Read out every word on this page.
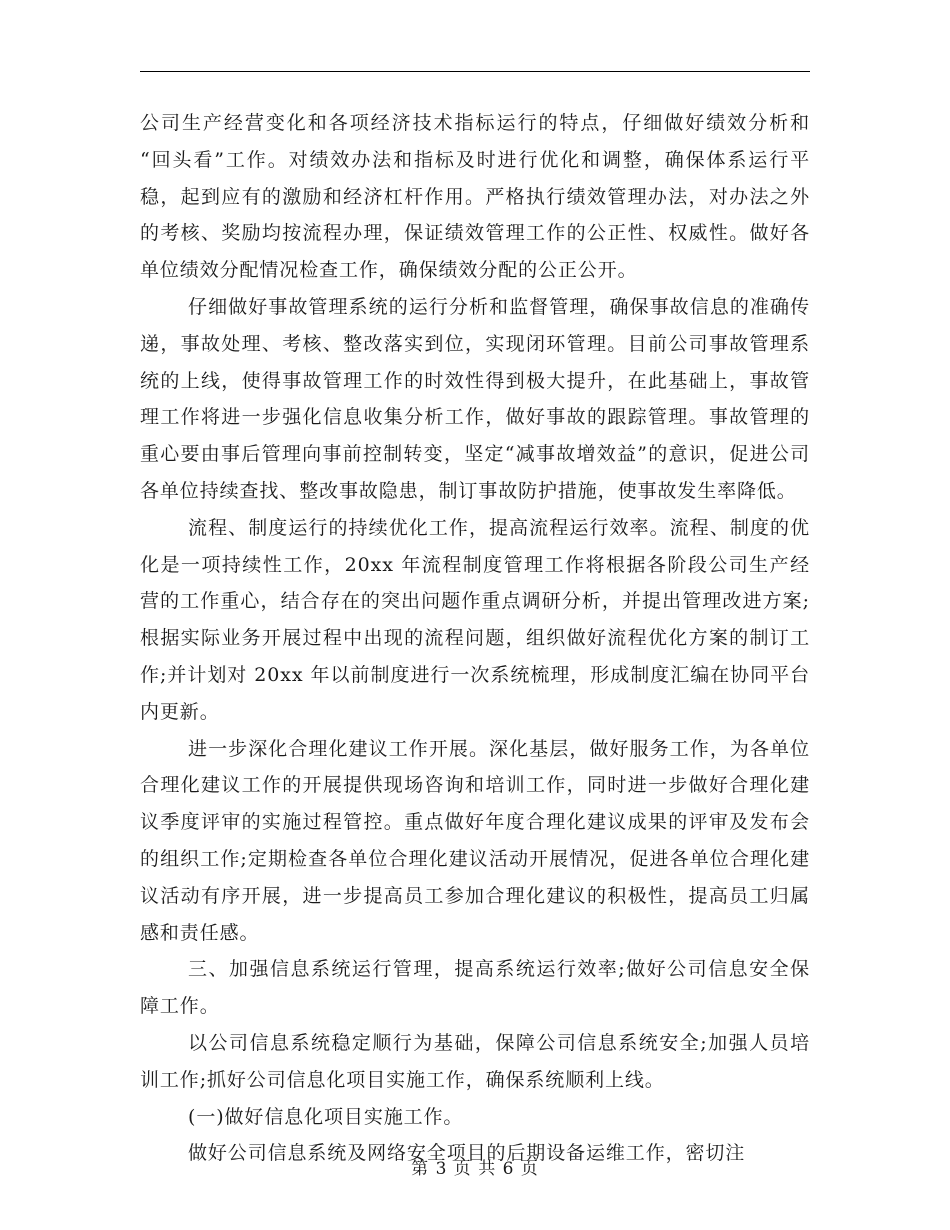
公司生产经营变化和各项经济技术指标运行的特点，仔细做好绩效分析和 “回头看”工作。对绩效办法和指标及时进行优化和调整，确保体系运行平稳，起到应有的激励和经济杠杆作用。严格执行绩效管理办法，对办法之外的考核、奖励均按流程办理，保证绩效管理工作的公正性、权威性。做好各单位绩效分配情况检查工作，确保绩效分配的公正公开。

仔细做好事故管理系统的运行分析和监督管理，确保事故信息的准确传递，事故处理、考核、整改落实到位，实现闭环管理。目前公司事故管理系统的上线，使得事故管理工作的时效性得到极大提升，在此基础上，事故管理工作将进一步强化信息收集分析工作，做好事故的跟踪管理。事故管理的重心要由事后管理向事前控制转变，坚定“减事故增效益”的意识，促进公司各单位持续查找、整改事故隐患，制订事故防护措施，使事故发生率降低。

流程、制度运行的持续优化工作，提高流程运行效率。流程、制度的优化是一项持续性工作，20xx 年流程制度管理工作将根据各阶段公司生产经营的工作重心，结合存在的突出问题作重点调研分析，并提出管理改进方案;根据实际业务开展过程中出现的流程问题，组织做好流程优化方案的制订工作;并计划对 20xx 年以前制度进行一次系统梳理，形成制度汇编在协同平台内更新。

进一步深化合理化建议工作开展。深化基层，做好服务工作，为各单位合理化建议工作的开展提供现场咨询和培训工作，同时进一步做好合理化建议季度评审的实施过程管控。重点做好年度合理化建议成果的评审及发布会的组织工作;定期检查各单位合理化建议活动开展情况，促进各单位合理化建议活动有序开展，进一步提高员工参加合理化建议的积极性，提高员工归属感和责任感。

三、加强信息系统运行管理，提高系统运行效率;做好公司信息安全保障工作。

以公司信息系统稳定顺行为基础，保障公司信息系统安全;加强人员培训工作;抓好公司信息化项目实施工作，确保系统顺利上线。

(一)做好信息化项目实施工作。

做好公司信息系统及网络安全项目的后期设备运维工作，密切注

第 3 页 共 6 页
